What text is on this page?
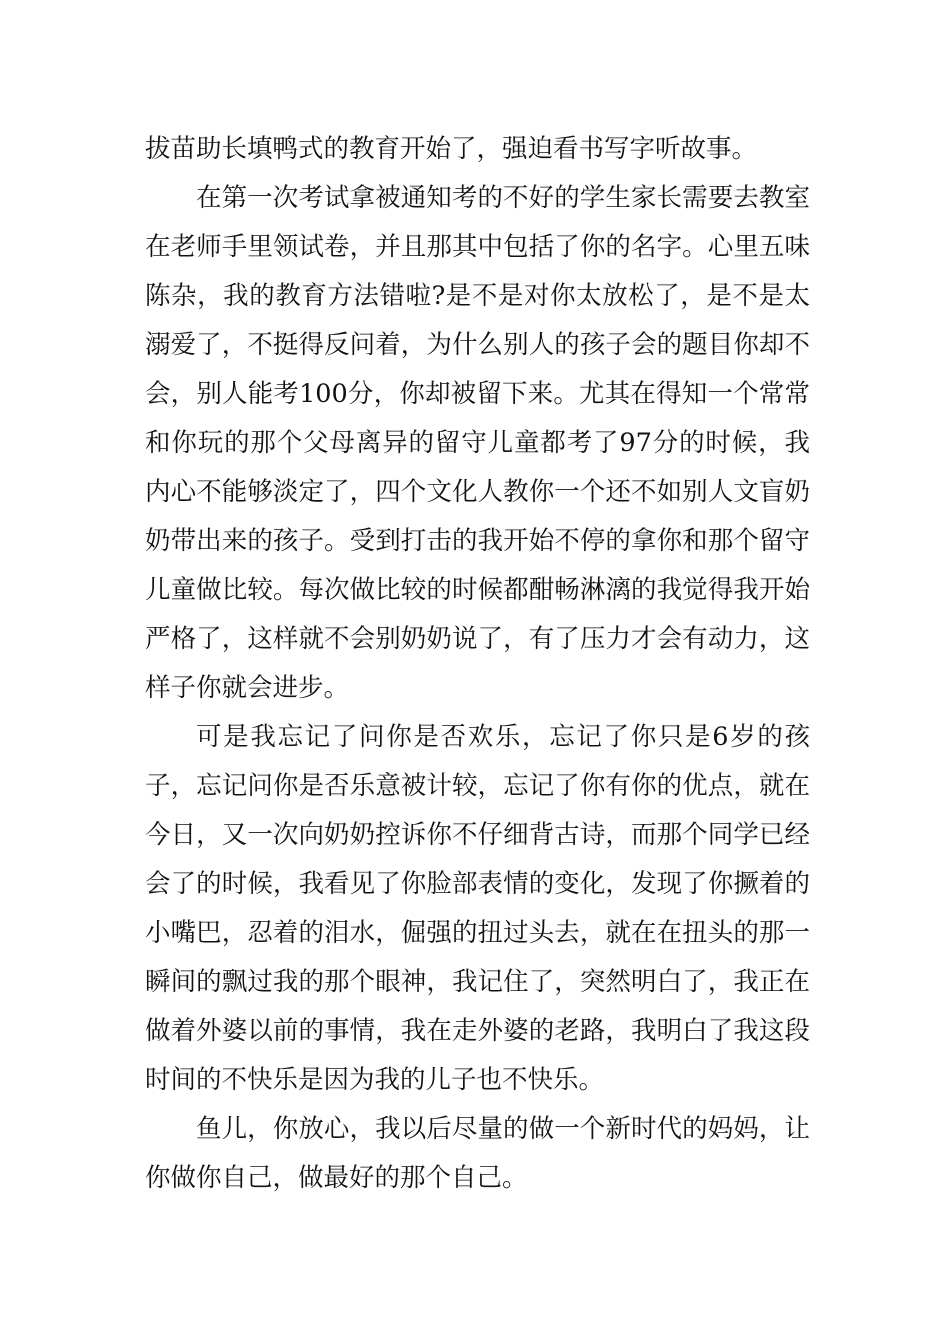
拔苗助长填鸭式的教育开始了，强迫看书写字听故事。

在第一次考试拿被通知考的不好的学生家长需要去教室在老师手里领试卷，并且那其中包括了你的名字。心里五味陈杂，我的教育方法错啦?是不是对你太放松了，是不是太溺爱了，不挺得反问着，为什么别人的孩子会的题目你却不会，别人能考100分，你却被留下来。尤其在得知一个常常和你玩的那个父母离异的留守儿童都考了97分的时候，我内心不能够淡定了，四个文化人教你一个还不如别人文盲奶奶带出来的孩子。受到打击的我开始不停的拿你和那个留守儿童做比较。每次做比较的时候都酣畅淋漓的我觉得我开始严格了，这样就不会别奶奶说了，有了压力才会有动力，这样子你就会进步。

可是我忘记了问你是否欢乐，忘记了你只是6岁的孩子，忘记问你是否乐意被计较，忘记了你有你的优点，就在今日，又一次向奶奶控诉你不仔细背古诗，而那个同学已经会了的时候，我看见了你脸部表情的变化，发现了你撅着的小嘴巴，忍着的泪水，倔强的扭过头去，就在在扭头的那一瞬间的飘过我的那个眼神，我记住了，突然明白了，我正在做着外婆以前的事情，我在走外婆的老路，我明白了我这段时间的不快乐是因为我的儿子也不快乐。

鱼儿，你放心，我以后尽量的做一个新时代的妈妈，让你做你自己，做最好的那个自己。
